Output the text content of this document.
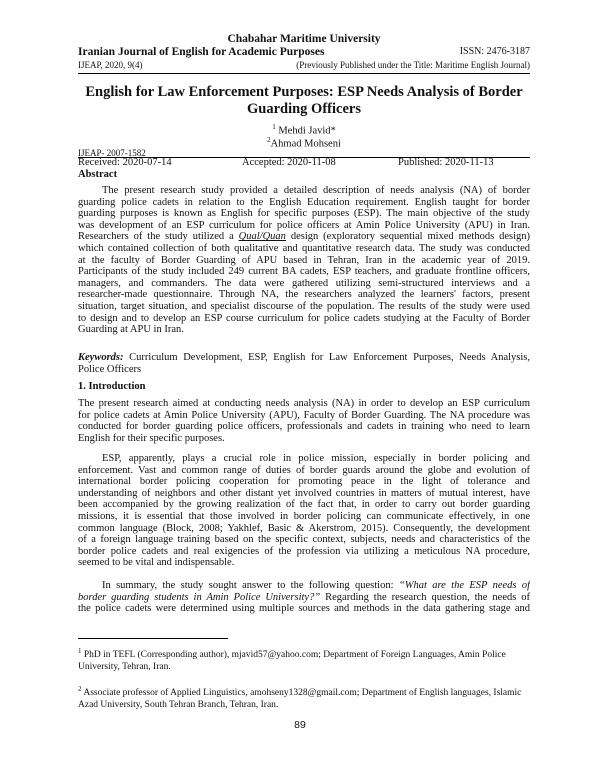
Chabahar Maritime University
Iranian Journal of English for Academic Purposes	ISSN: 2476-3187
IJEAP, 2020, 9(4)	(Previously Published under the Title: Maritime English Journal)
English for Law Enforcement Purposes: ESP Needs Analysis of Border Guarding Officers
$^1$ Mehdi Javid*
$^2$Ahmad Mohseni
IJEAP- 2007-1582
Received: 2020-07-14	Accepted: 2020-11-08	Published: 2020-11-13
Abstract
The present research study provided a detailed description of needs analysis (NA) of border
guarding police cadets in relation to the English Education requirement. English taught for border
guarding purposes is known as English for specific purposes (ESP). The main objective of the study
was development of an ESP curriculum for police officers at Amin Police University (APU) in Iran.
Researchers of the study utilized a Qual/Quan design (exploratory sequential mixed methods design)
which contained collection of both qualitative and quantitative research data. The study was conducted
at the faculty of Border Guarding of APU based in Tehran, Iran in the academic year of 2019.
Participants of the study included 249 current BA cadets, ESP teachers, and graduate frontline officers,
managers, and commanders. The data were gathered utilizing semi-structured interviews and a
researcher-made questionnaire. Through NA, the researchers analyzed the learners' factors, present
situation, target situation, and specialist discourse of the population. The results of the study were used
to design and to develop an ESP course curriculum for police cadets studying at the Faculty of Border
Guarding at APU in Iran.
Keywords: Curriculum Development, ESP, English for Law Enforcement Purposes, Needs Analysis,
Police Officers
1. Introduction
The present research aimed at conducting needs analysis (NA) in order to develop an ESP curriculum
for police cadets at Amin Police University (APU), Faculty of Border Guarding. The NA procedure was
conducted for border guarding police officers, professionals and cadets in training who need to learn
English for their specific purposes.
ESP, apparently, plays a crucial role in police mission, especially in border policing and
enforcement. Vast and common range of duties of border guards around the globe and evolution of
international border policing cooperation for promoting peace in the light of tolerance and
understanding of neighbors and other distant yet involved countries in matters of mutual interest, have
been accompanied by the growing realization of the fact that, in order to carry out border guarding
missions, it is essential that those involved in border policing can communicate effectively, in one
common language (Block, 2008; Yakhlef, Basic & Akerstrom, 2015). Consequently, the development
of a foreign language training based on the specific context, subjects, needs and characteristics of the
border police cadets and real exigencies of the profession via utilizing a meticulous NA procedure,
seemed to be vital and indispensable.
In summary, the study sought answer to the following question: “What are the ESP needs of
border guarding students in Amin Police University?” Regarding the research question, the needs of
the police cadets were determined using multiple sources and methods in the data gathering stage and
$^1$ PhD in TEFL (Corresponding author), mjavid57@yahoo.com; Department of Foreign Languages, Amin Police University, Tehran, Iran.
$^2$ Associate professor of Applied Linguistics, amohseny1328@gmail.com; Department of English languages, Islamic Azad University, South Tehran Branch, Tehran, Iran.
89
